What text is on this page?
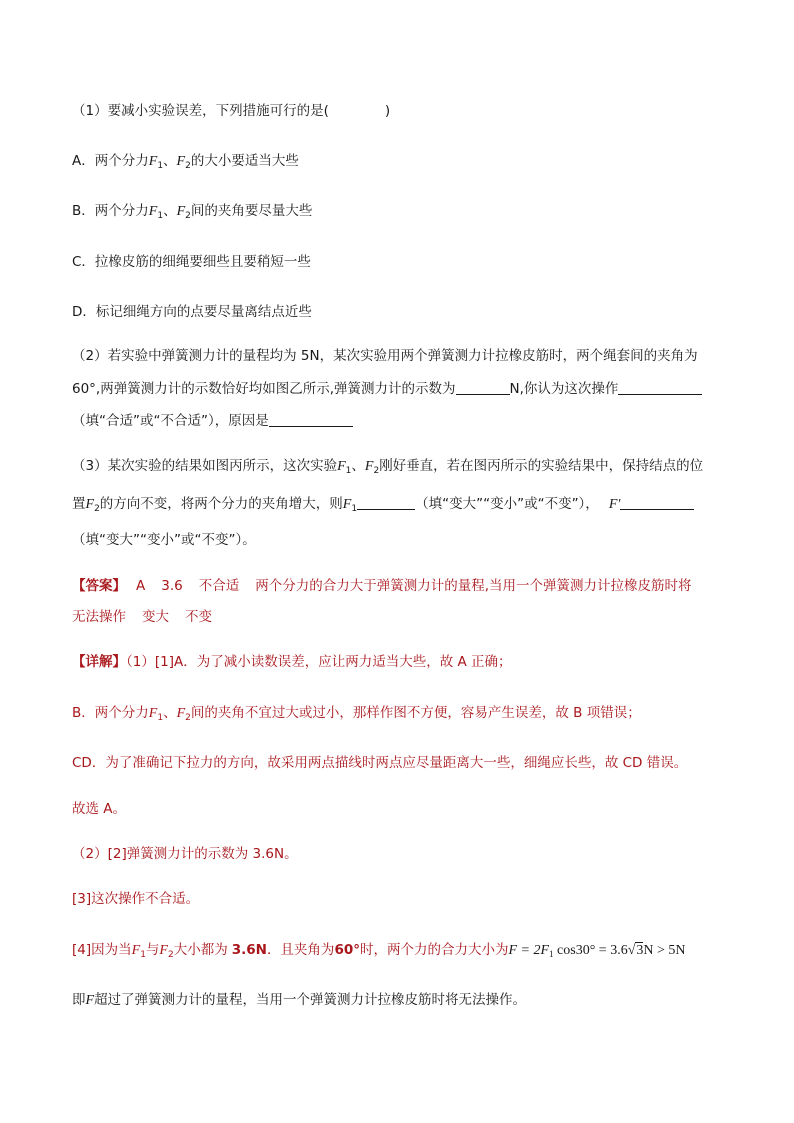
（1）要减小实验误差，下列措施可行的是(	)
A．两个分力$F_1$、$F_2$的大小要适当大些
B．两个分力$F_1$、$F_2$间的夹角要尽量大些
C．拉橡皮筋的细绳要细些且要稍短一些
D．标记细绳方向的点要尽量离结点近些
（2）若实验中弹簧测力计的量程均为 5N，某次实验用两个弹簧测力计拉橡皮筋时，两个绳套间的夹角为
60°,两弹簧测力计的示数恰好均如图乙所示,弹簧测力计的示数为	N,你认为这次操作
（填“合适”或“不合适”），原因是
（3）某次实验的结果如图丙所示，这次实验$F_1$、$F_2$刚好垂直，若在图丙所示的实验结果中，保持结点的位
置$F_2$的方向不变，将两个分力的夹角增大，则$F_1$	（填“变大”“变小”或“不变”）， F′
（填“变大”“变小”或“不变”）。
【答案】 A 3.6 不合适 两个分力的合力大于弹簧测力计的量程,当用一个弹簧测力计拉橡皮筋时将
无法操作 变大 不变
【详解】（1）[1]A．为了减小读数误差，应让两力适当大些，故 A 正确；
B．两个分力$F_1$、$F_2$间的夹角不宜过大或过小，那样作图不方便，容易产生误差，故 B 项错误；
CD．为了准确记下拉力的方向，故采用两点描线时两点应尽量距离大一些，细绳应长些，故 CD 错误。
故选 A。
（2）[2]弹簧测力计的示数为 3.6N。
[3]这次操作不合适。
[4]因为当$F_1$与$F_2$大小都为 3.6N．且夹角为60°时，两个力的合力大小为$F = 2F_1$ cos30° = 3.6√3N > 5N
即F超过了弹簧测力计的量程，当用一个弹簧测力计拉橡皮筋时将无法操作。
